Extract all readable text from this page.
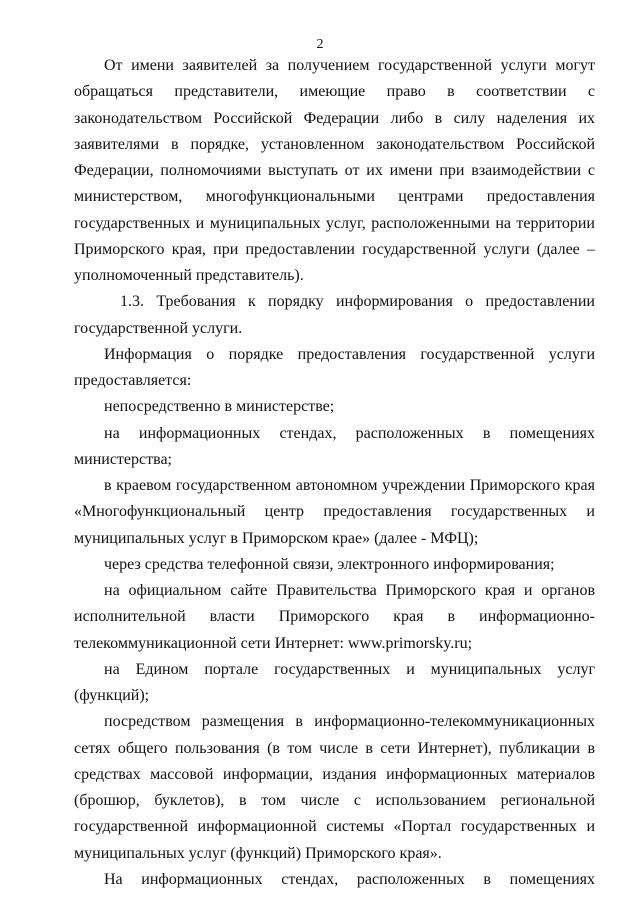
2

От имени заявителей за получением государственной услуги могут обращаться представители, имеющие право в соответствии с законодательством Российской Федерации либо в силу наделения их заявителями в порядке, установленном законодательством Российской Федерации, полномочиями выступать от их имени при взаимодействии с министерством, многофункциональными центрами предоставления государственных и муниципальных услуг, расположенными на территории Приморского края, при предоставлении государственной услуги (далее – уполномоченный представитель).

1.3. Требования к порядку информирования о предоставлении государственной услуги.

Информация о порядке предоставления государственной услуги предоставляется:

непосредственно в министерстве;

на информационных стендах, расположенных в помещениях министерства;

в краевом государственном автономном учреждении Приморского края «Многофункциональный центр предоставления государственных и муниципальных услуг в Приморском крае» (далее - МФЦ);

через средства телефонной связи, электронного информирования;

на официальном сайте Правительства Приморского края и органов исполнительной власти Приморского края в информационно-телекоммуникационной сети Интернет: www.primorsky.ru;

на Едином портале государственных и муниципальных услуг (функций);

посредством размещения в информационно-телекоммуникационных сетях общего пользования (в том числе в сети Интернет), публикации в средствах массовой информации, издания информационных материалов (брошюр, буклетов), в том числе с использованием региональной государственной информационной системы «Портал государственных и муниципальных услуг (функций) Приморского края».

На информационных стендах, расположенных в помещениях
